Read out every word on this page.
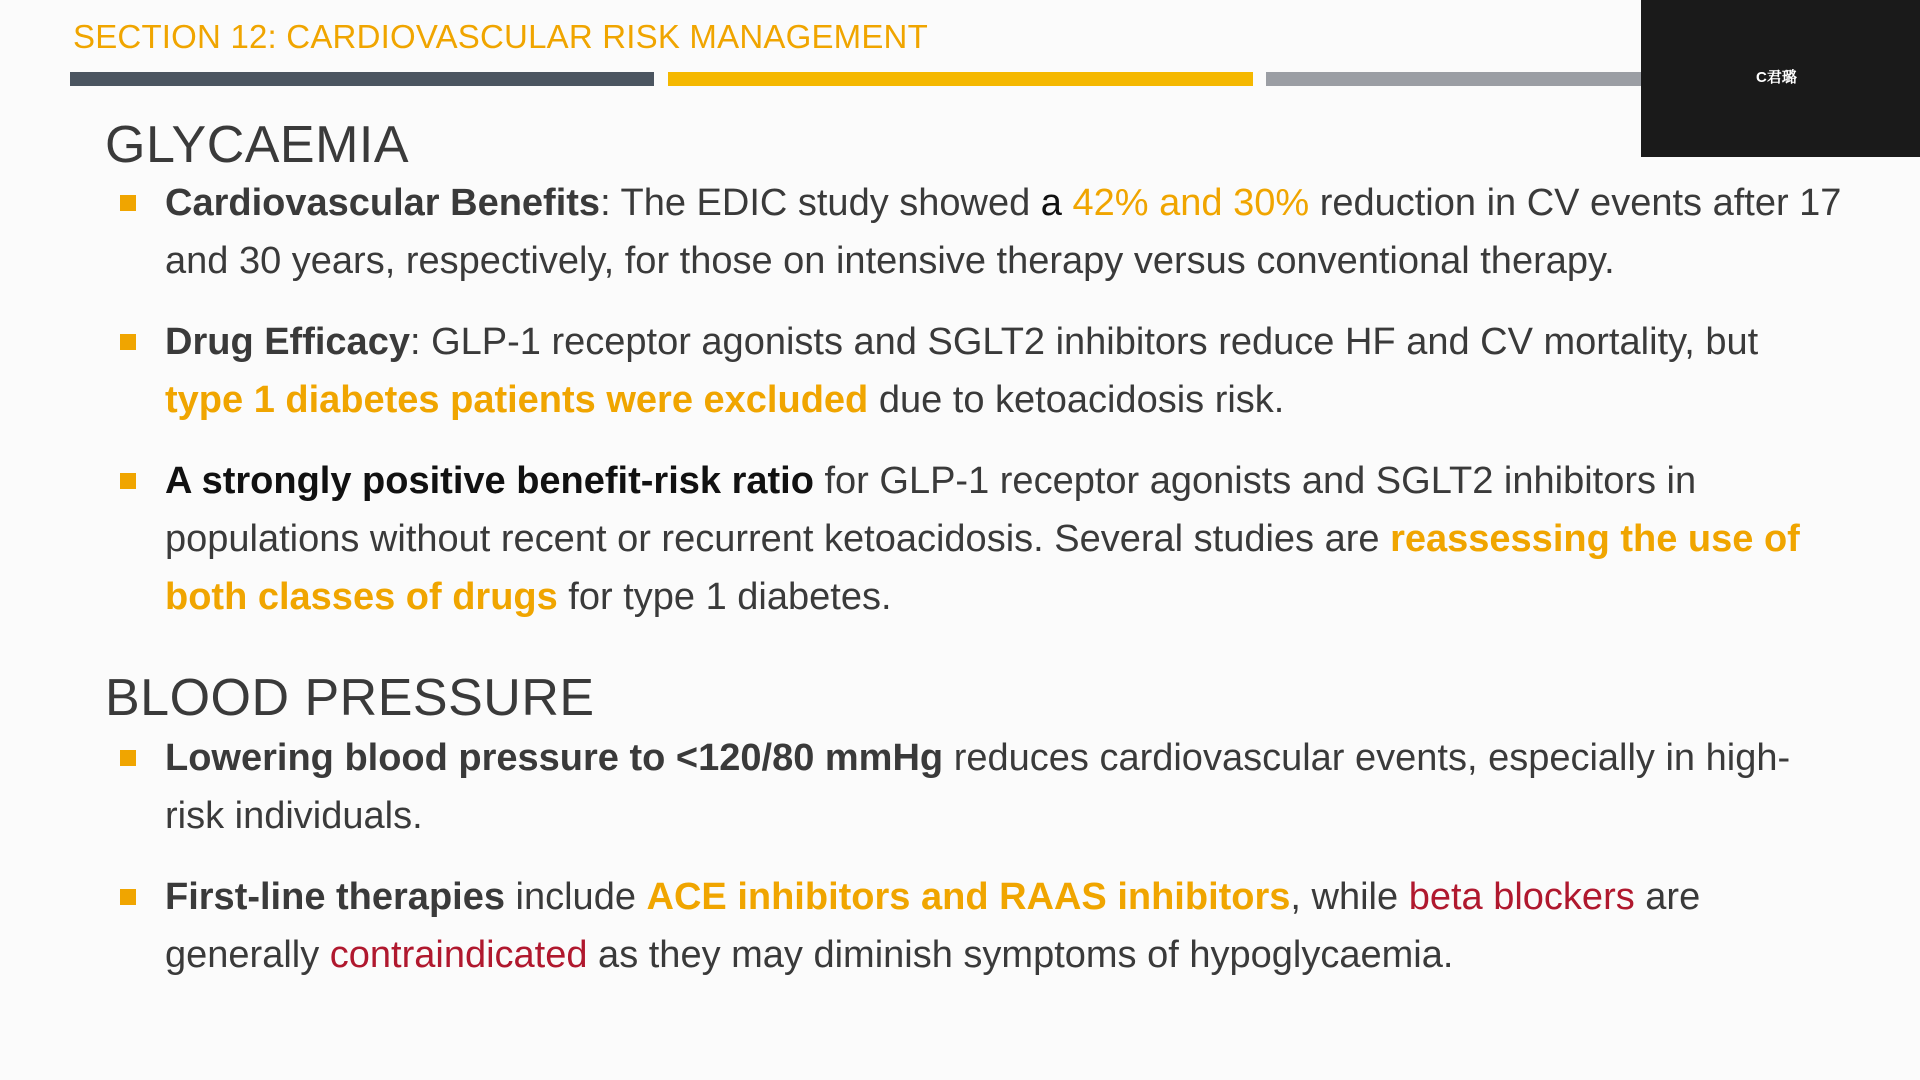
SECTION 12: CARDIOVASCULAR RISK MANAGEMENT
C君璐
GLYCAEMIA
Cardiovascular Benefits: The EDIC study showed a 42% and 30% reduction in CV events after 17 and 30 years, respectively, for those on intensive therapy versus conventional therapy.
Drug Efficacy: GLP-1 receptor agonists and SGLT2 inhibitors reduce HF and CV mortality, but type 1 diabetes patients were excluded due to ketoacidosis risk.
A strongly positive benefit-risk ratio for GLP-1 receptor agonists and SGLT2 inhibitors in populations without recent or recurrent ketoacidosis. Several studies are reassessing the use of both classes of drugs for type 1 diabetes.
BLOOD PRESSURE
Lowering blood pressure to <120/80 mmHg reduces cardiovascular events, especially in high-risk individuals.
First-line therapies include ACE inhibitors and RAAS inhibitors, while beta blockers are generally contraindicated as they may diminish symptoms of hypoglycaemia.
